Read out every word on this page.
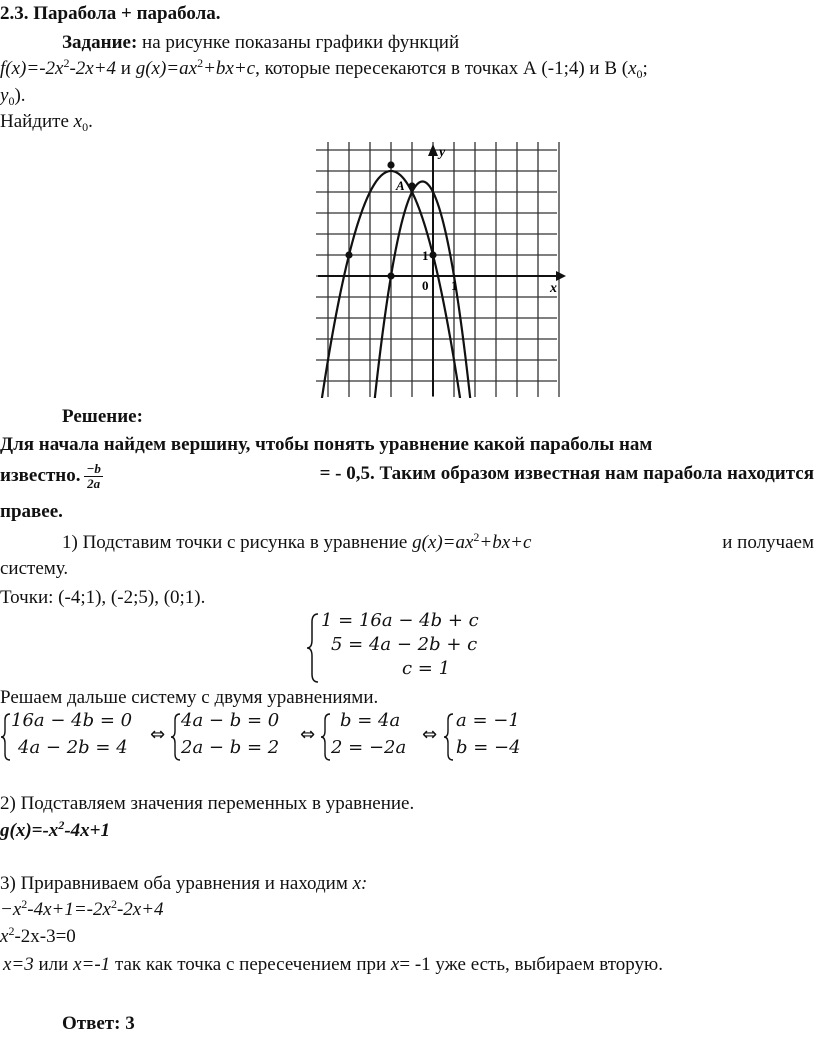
2.3. Парабола + парабола.
Задание: на рисунке показаны графики функций
$f(x)=-2x^2-2x+4$ и $g(x)=ax^2+bx+c$, которые пересекаются в точках А (-1;4) и В ($x_0$;
$y_0$).
Найдите $x_0$.
y
x
A
1
0 1
Решение:
Для начала найдем вершину, чтобы понять уравнение какой параболы нам
известно. $\frac{-b}{2a}$	= - 0,5. Таким образом известная нам парабола находится
правее.
1) Подставим точки с рисунка в уравнение $g(x)=ax^2+bx+c$	и получаем
систему.
Точки: (-4;1), (-2;5), (0;1).
1 = 16a − 4b + c
5 = 4a − 2b + c
c = 1
Решаем дальше систему с двумя уравнениями.
16a − 4b = 0
4a − 2b = 4
⇔
4a − b = 0
2a − b = 2
⇔
b = 4a
2 = −2a
⇔
a = −1
b = −4
2) Подставляем значения переменных в уравнение.
$g(x)=-x^2-4x+1$
3) Приравниваем оба уравнения и находим x:
$-x^2-4x+1=-2x^2-2x+4$
$x^2-2x-3=0$
x=3 или x=-1 так как точка с пересечением при x= -1 уже есть, выбираем вторую.
Ответ: 3
